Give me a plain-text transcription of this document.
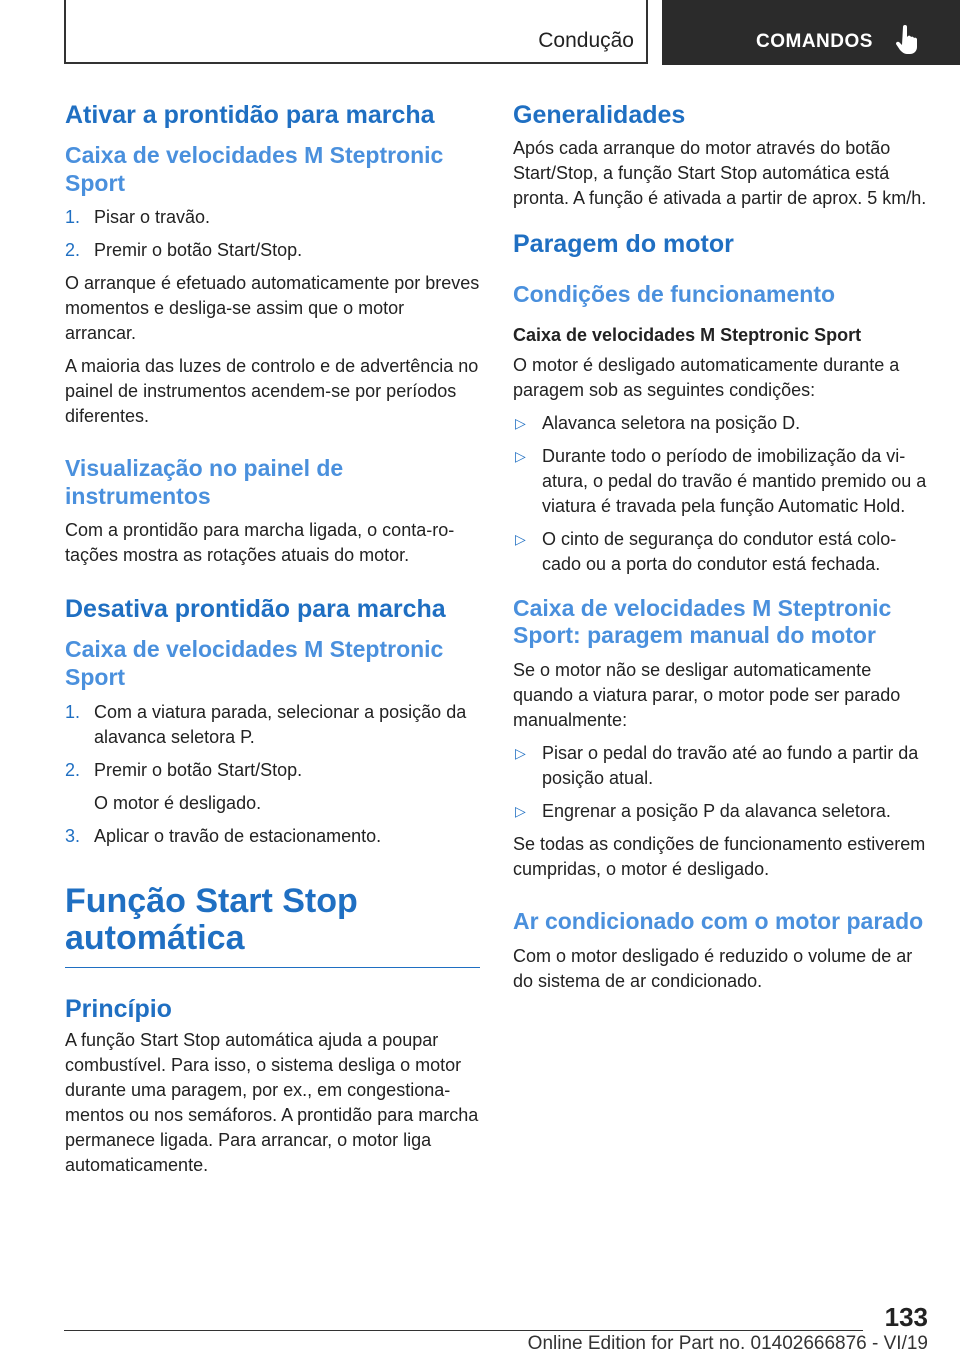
Condução	COMANDOS
Ativar a prontidão para marcha
Caixa de velocidades M Steptronic Sport
1. Pisar o travão.
2. Premir o botão Start/Stop.

O arranque é efetuado automaticamente por breves momentos e desliga-se assim que o motor arrancar.

A maioria das luzes de controlo e de advertência no painel de instrumentos acendem-se por períodos diferentes.

Visualização no painel de instrumentos

Com a prontidão para marcha ligada, o conta-rotações mostra as rotações atuais do motor.

Desativa prontidão para marcha
Caixa de velocidades M Steptronic Sport
1. Com a viatura parada, selecionar a posição da alavanca seletora P.
2. Premir o botão Start/Stop.
O motor é desligado.
3. Aplicar o travão de estacionamento.
Função Start Stop automática
Princípio

A função Start Stop automática ajuda a poupar combustível. Para isso, o sistema desliga o motor durante uma paragem, por ex., em congestionamentos ou nos semáforos. A prontidão para marcha permanece ligada. Para arrancar, o motor liga automaticamente.

Generalidades

Após cada arranque do motor através do botão Start/Stop, a função Start Stop automática está pronta. A função é ativada a partir de aprox. 5 km/h.

Paragem do motor
Condições de funcionamento
Caixa de velocidades M Steptronic Sport

O motor é desligado automaticamente durante a paragem sob as seguintes condições:

▷ Alavanca seletora na posição D.
▷ Durante todo o período de imobilização da viatura, o pedal do travão é mantido premido ou a viatura é travada pela função Automatic Hold.
▷ O cinto de segurança do condutor está colocado ou a porta do condutor está fechada.
Caixa de velocidades M Steptronic Sport: paragem manual do motor

Se o motor não se desligar automaticamente quando a viatura parar, o motor pode ser parado manualmente:

▷ Pisar o pedal do travão até ao fundo a partir da posição atual.
▷ Engrenar a posição P da alavanca seletora.

Se todas as condições de funcionamento estiverem cumpridas, o motor é desligado.

Ar condicionado com o motor parado

Com o motor desligado é reduzido o volume de ar do sistema de ar condicionado.

133
Online Edition for Part no. 01402666876 - VI/19
